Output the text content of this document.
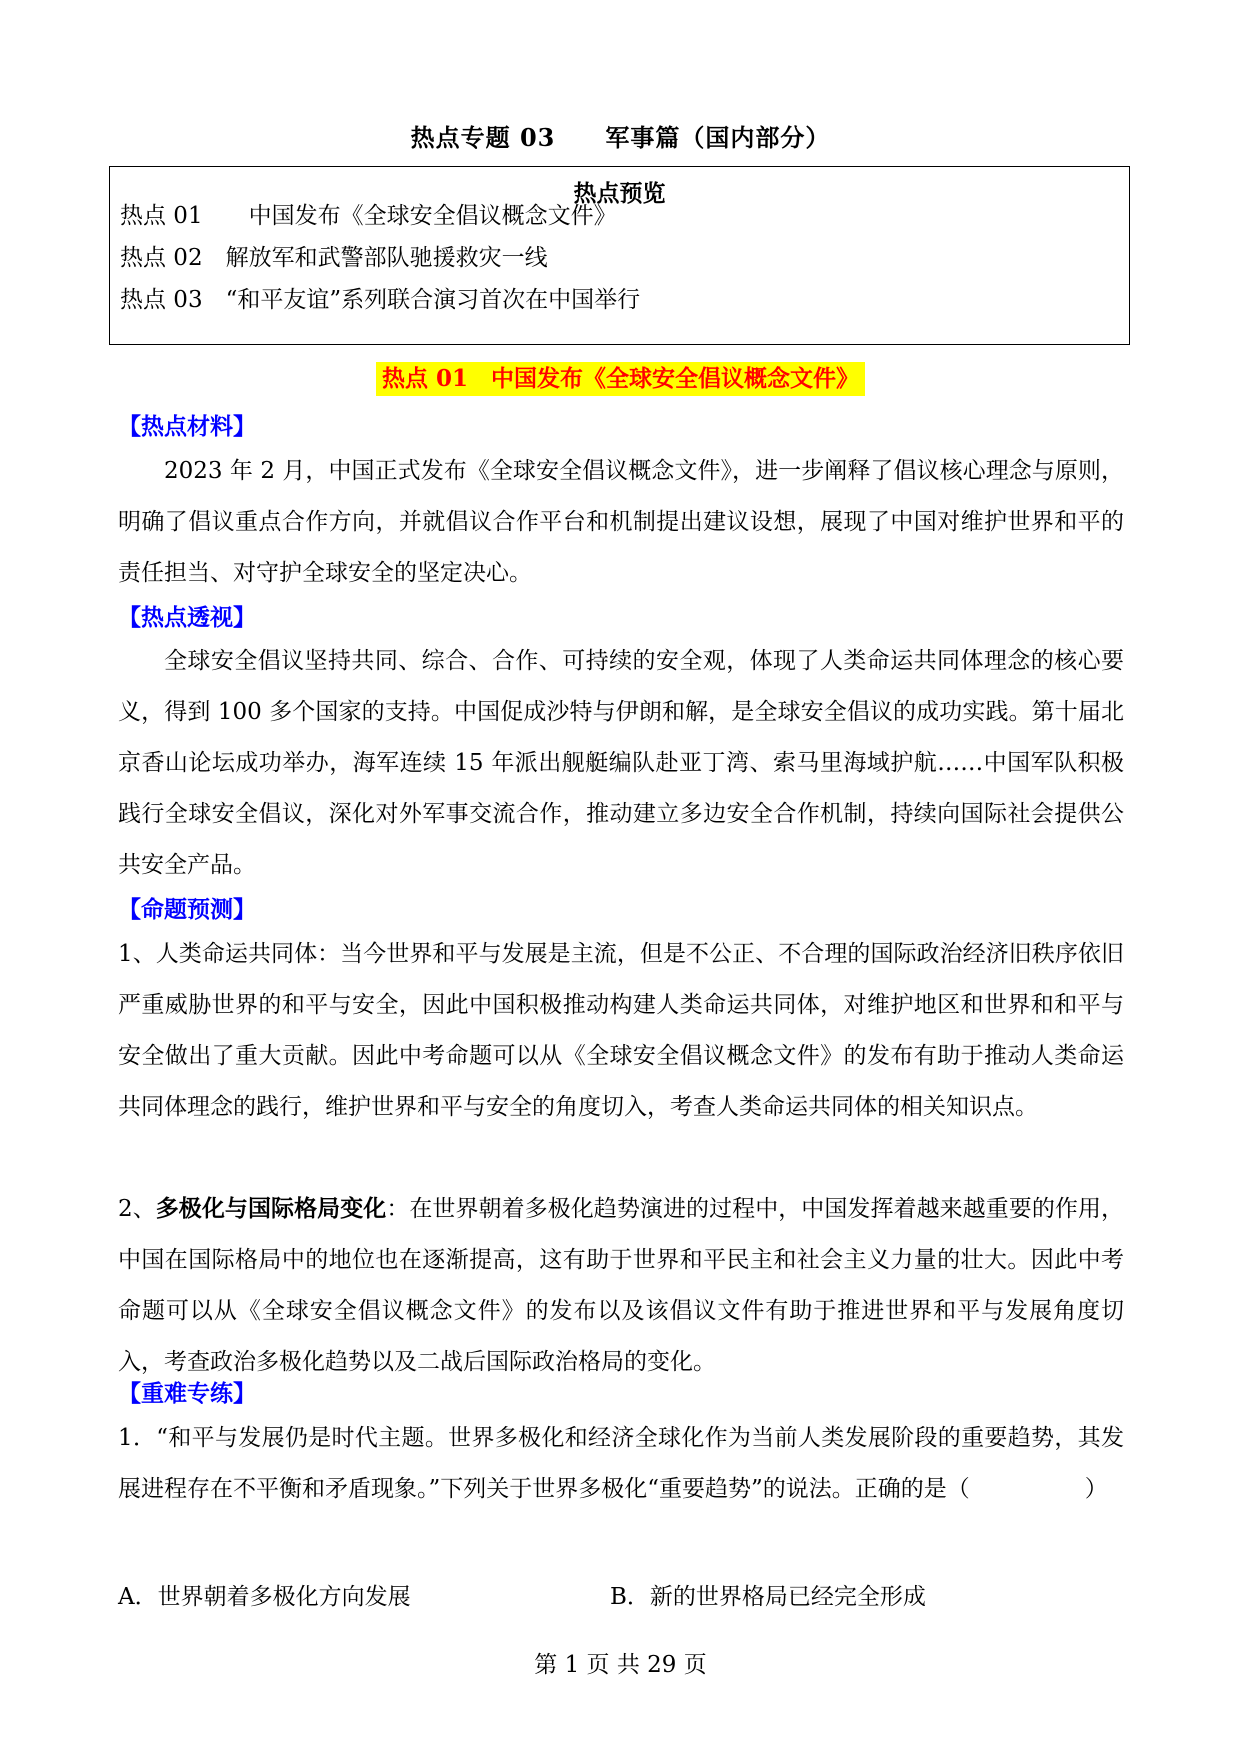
热点专题 03　　军事篇（国内部分）
热点预览
热点 01　　中国发布《全球安全倡议概念文件》
热点 02　解放军和武警部队驰援救灾一线
热点 03　“和平友谊”系列联合演习首次在中国举行
热点 01　中国发布《全球安全倡议概念文件》
【热点材料】
2023 年 2 月，中国正式发布《全球安全倡议概念文件》，进一步阐释了倡议核心理念与原则，明确了倡议重点合作方向，并就倡议合作平台和机制提出建议设想，展现了中国对维护世界和平的责任担当、对守护全球安全的坚定决心。
【热点透视】
全球安全倡议坚持共同、综合、合作、可持续的安全观，体现了人类命运共同体理念的核心要义，得到 100 多个国家的支持。中国促成沙特与伊朗和解，是全球安全倡议的成功实践。第十届北京香山论坛成功举办，海军连续 15 年派出舰艇编队赴亚丁湾、索马里海域护航……中国军队积极践行全球安全倡议，深化对外军事交流合作，推动建立多边安全合作机制，持续向国际社会提供公共安全产品。
【命题预测】
1、人类命运共同体：当今世界和平与发展是主流，但是不公正、不合理的国际政治经济旧秩序依旧严重威胁世界的和平与安全，因此中国积极推动构建人类命运共同体，对维护地区和世界和和平与安全做出了重大贡献。因此中考命题可以从《全球安全倡议概念文件》的发布有助于推动人类命运共同体理念的践行，维护世界和平与安全的角度切入，考查人类命运共同体的相关知识点。
2、多极化与国际格局变化：在世界朝着多极化趋势演进的过程中，中国发挥着越来越重要的作用，中国在国际格局中的地位也在逐渐提高，这有助于世界和平民主和社会主义力量的壮大。因此中考命题可以从《全球安全倡议概念文件》的发布以及该倡议文件有助于推进世界和平与发展角度切入，考查政治多极化趋势以及二战后国际政治格局的变化。
【重难专练】
1．“和平与发展仍是时代主题。世界多极化和经济全球化作为当前人类发展阶段的重要趋势，其发展进程存在不平衡和矛盾现象。”下列关于世界多极化“重要趋势”的说法。正确的是（　　　　　）
A．世界朝着多极化方向发展	B．新的世界格局已经完全形成
第 1 页 共 29 页
